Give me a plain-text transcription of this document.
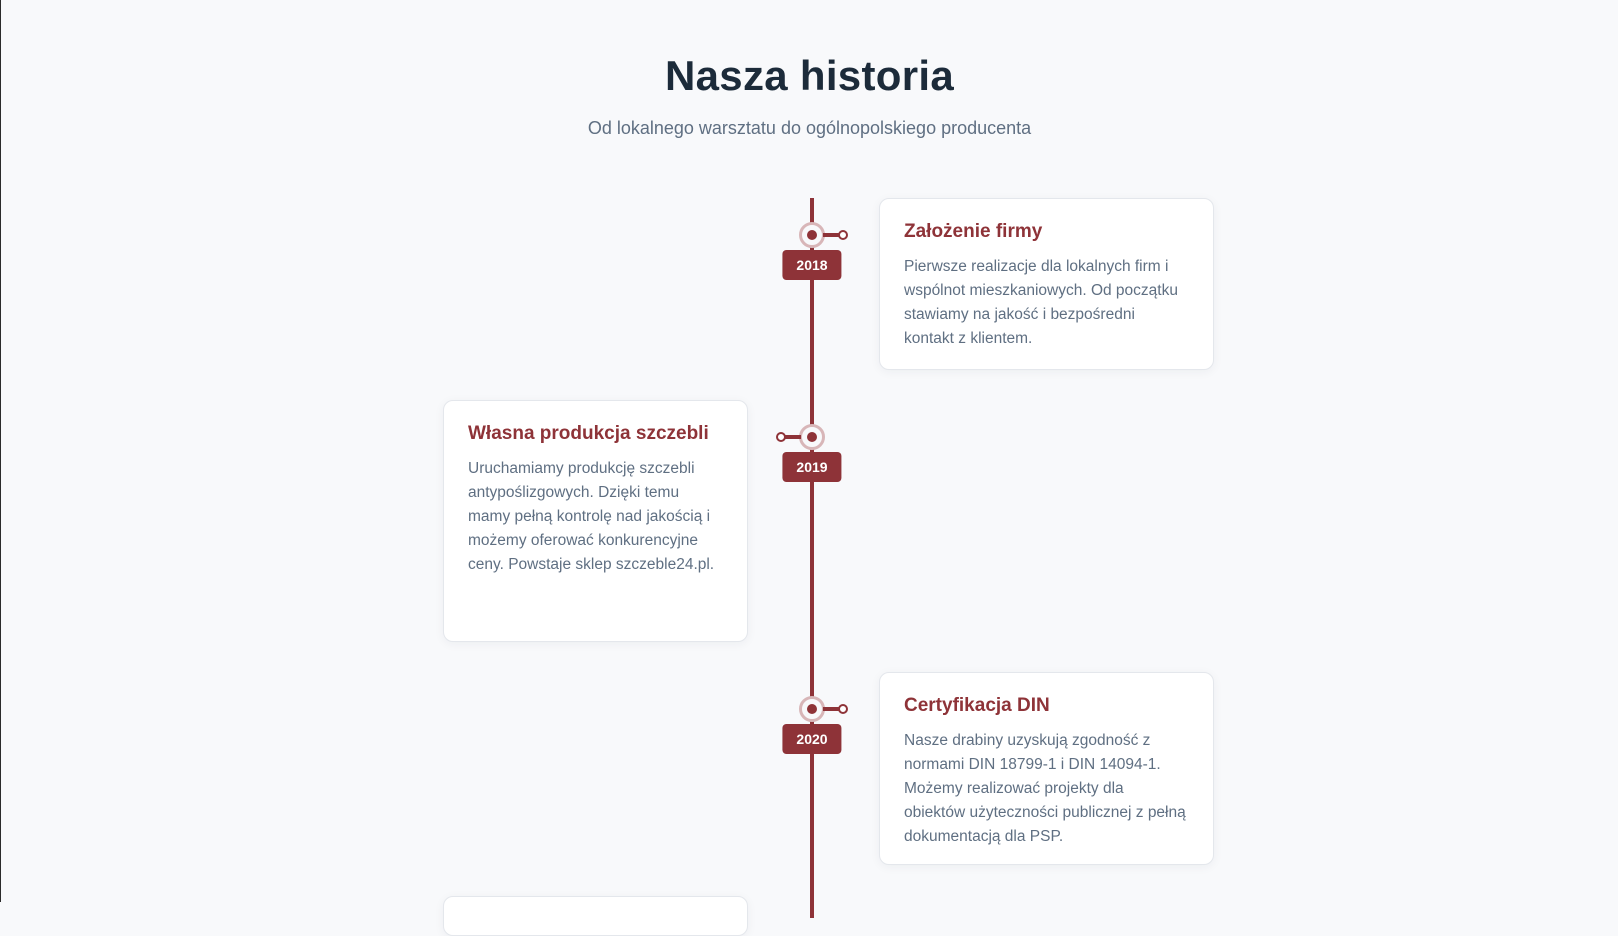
Nasza historia

Od lokalnego warsztatu do ogólnopolskiego producenta

2018
Założenie firmy

Pierwsze realizacje dla lokalnych firm i wspólnot mieszkaniowych. Od początku stawiamy na jakość i bezpośredni kontakt z klientem.

2019
Własna produkcja szczebli

Uruchamiamy produkcję szczebli antypoślizgowych. Dzięki temu mamy pełną kontrolę nad jakością i możemy oferować konkurencyjne ceny. Powstaje sklep szczeble24.pl.

2020
Certyfikacja DIN

Nasze drabiny uzyskują zgodność z normami DIN 18799-1 i DIN 14094-1. Możemy realizować projekty dla obiektów użyteczności publicznej z pełną dokumentacją dla PSP.
